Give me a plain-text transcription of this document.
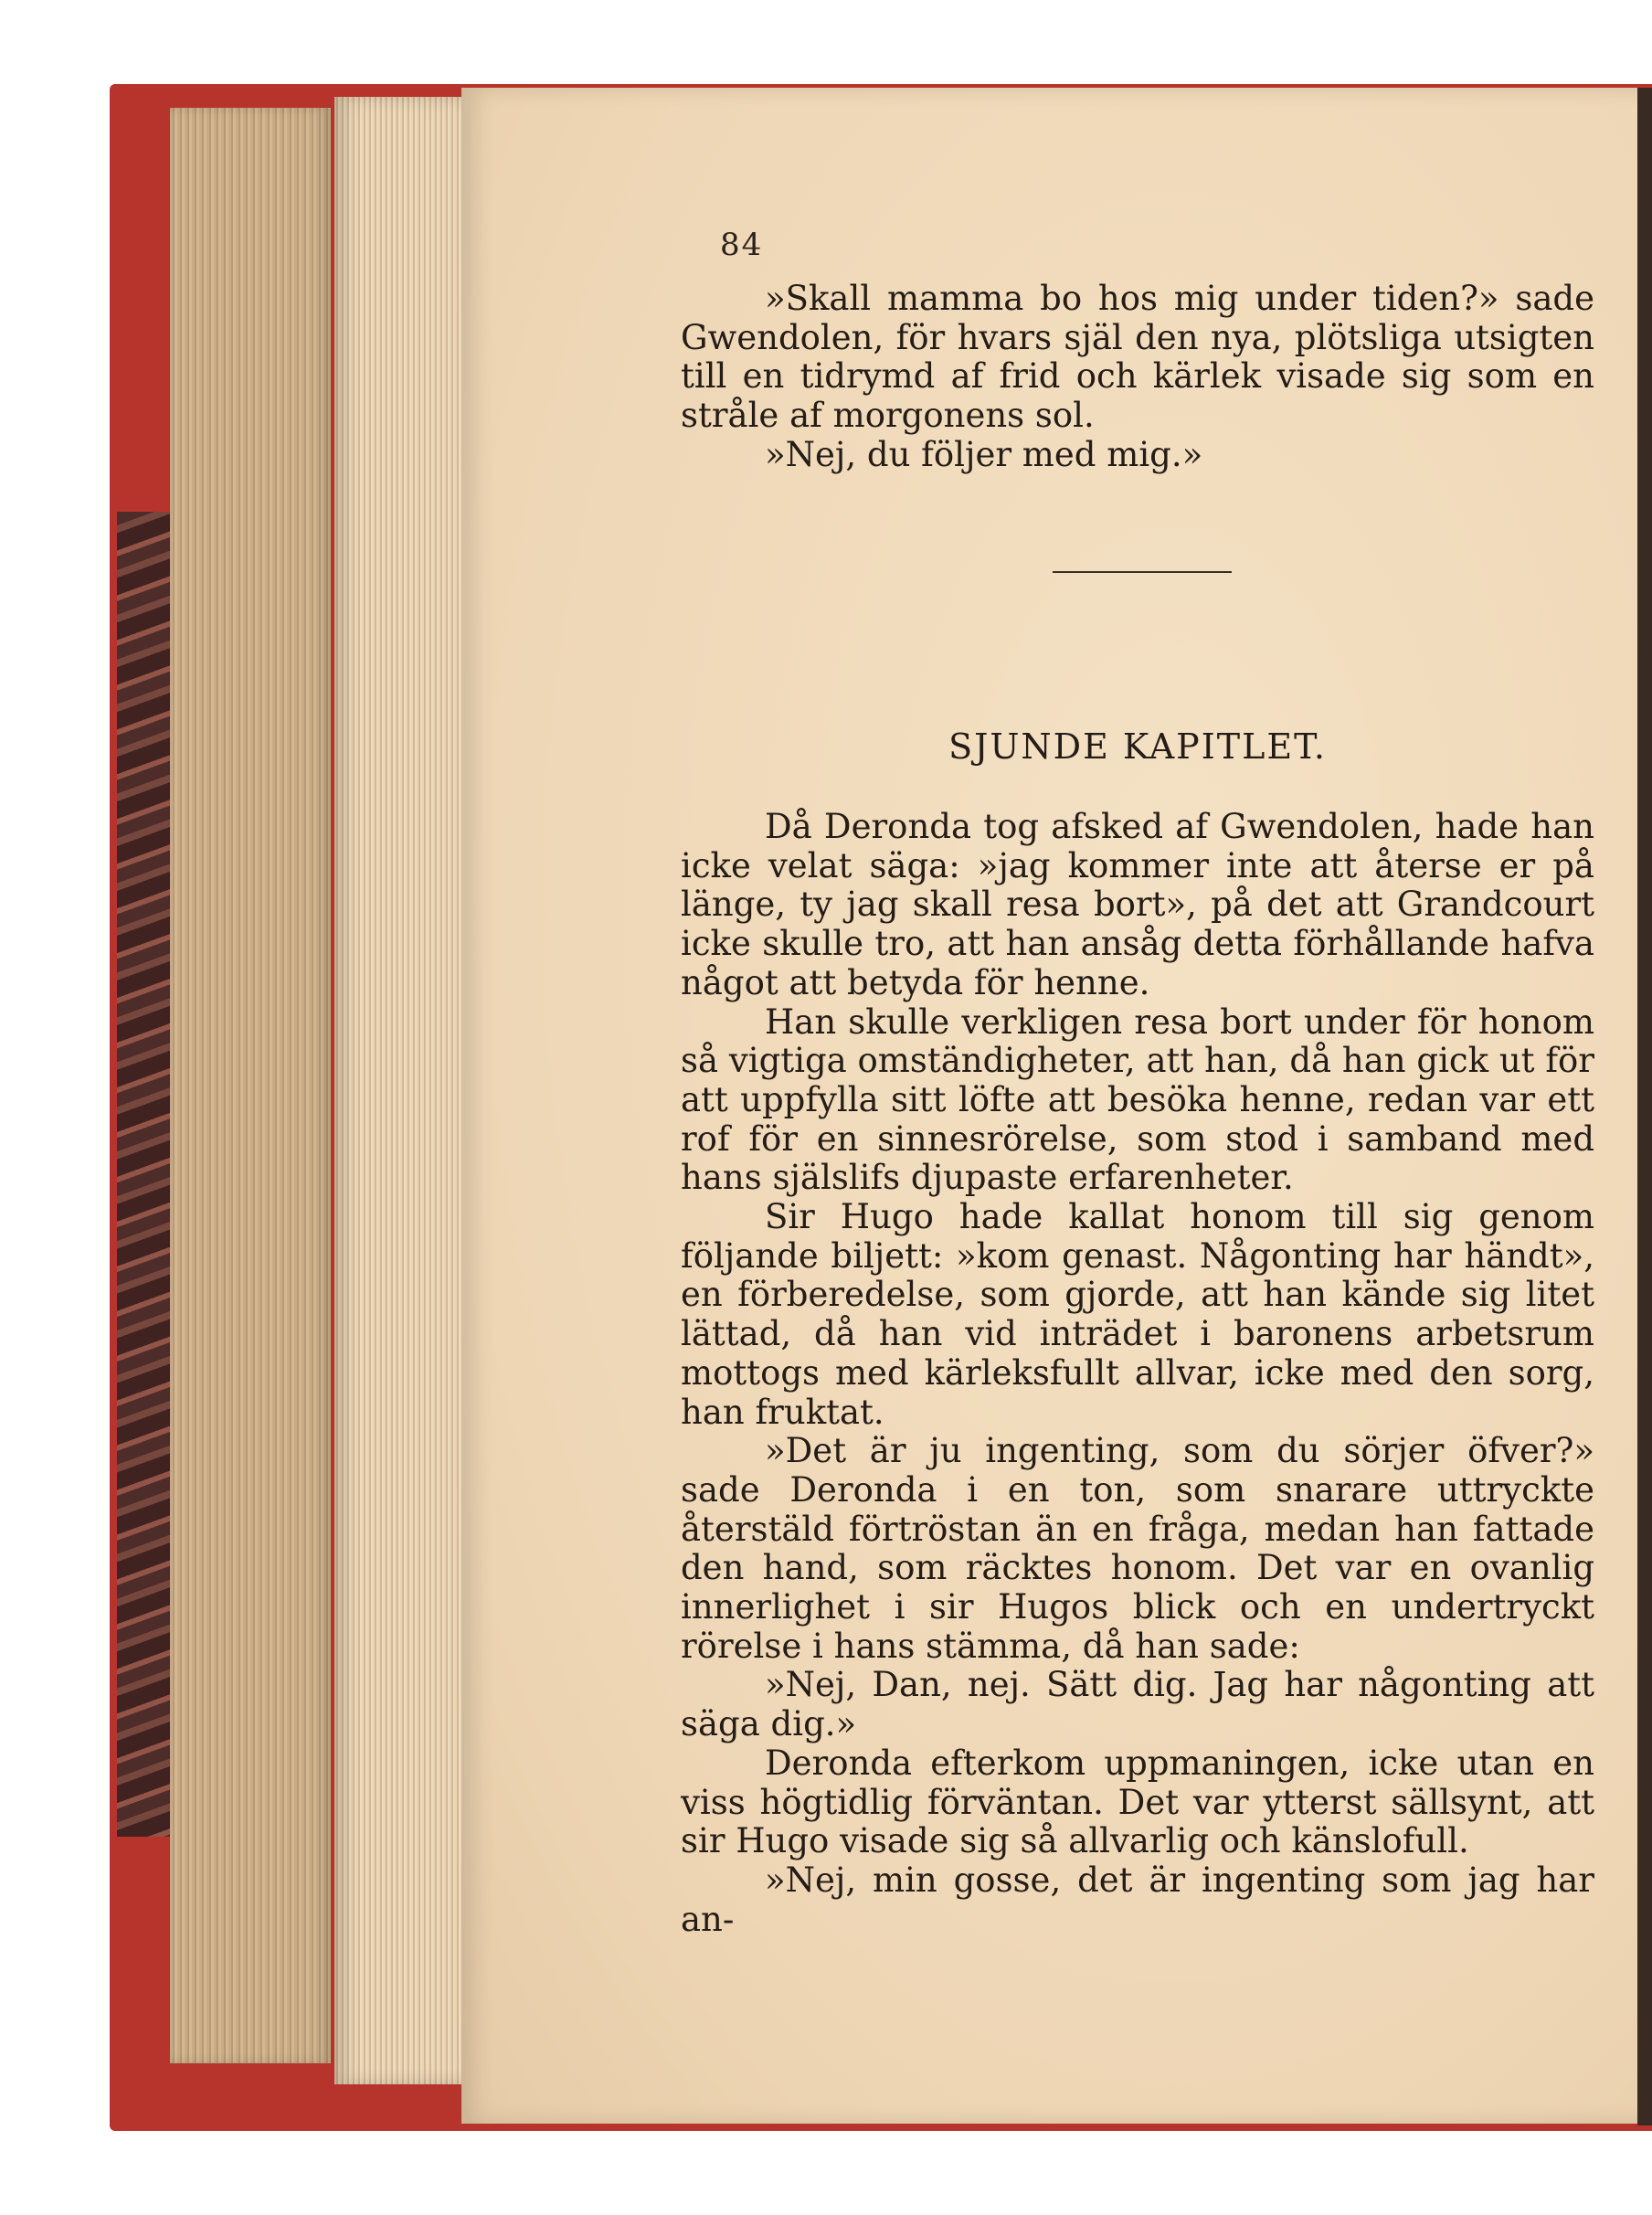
84

»Skall mamma bo hos mig under tiden?» sade Gwendolen, för hvars själ den nya, plötsliga utsigten till en tidrymd af frid och kärlek visade sig som en stråle af morgonens sol.

»Nej, du följer med mig.»

SJUNDE KAPITLET.

Då Deronda tog afsked af Gwendolen, hade han icke velat säga: »jag kommer inte att återse er på länge, ty jag skall resa bort», på det att Grandcourt icke skulle tro, att han ansåg detta förhållande hafva något att betyda för henne.

Han skulle verkligen resa bort under för honom så vigtiga omständigheter, att han, då han gick ut för att uppfylla sitt löfte att besöka henne, redan var ett rof för en sinnesrörelse, som stod i samband med hans själslifs djupaste erfarenheter.

Sir Hugo hade kallat honom till sig genom följande biljett: »kom genast. Någonting har händt», en förberedelse, som gjorde, att han kände sig litet lättad, då han vid inträdet i baronens arbetsrum mottogs med kärleksfullt allvar, icke med den sorg, han fruktat.

»Det är ju ingenting, som du sörjer öfver?» sade Deronda i en ton, som snarare uttryckte återstäld förtröstan än en fråga, medan han fattade den hand, som räcktes honom. Det var en ovanlig innerlighet i sir Hugos blick och en undertryckt rörelse i hans stämma, då han sade:

»Nej, Dan, nej. Sätt dig. Jag har någonting att säga dig.»

Deronda efterkom uppmaningen, icke utan en viss högtidlig förväntan. Det var ytterst sällsynt, att sir Hugo visade sig så allvarlig och känslofull.

»Nej, min gosse, det är ingenting som jag har an-
